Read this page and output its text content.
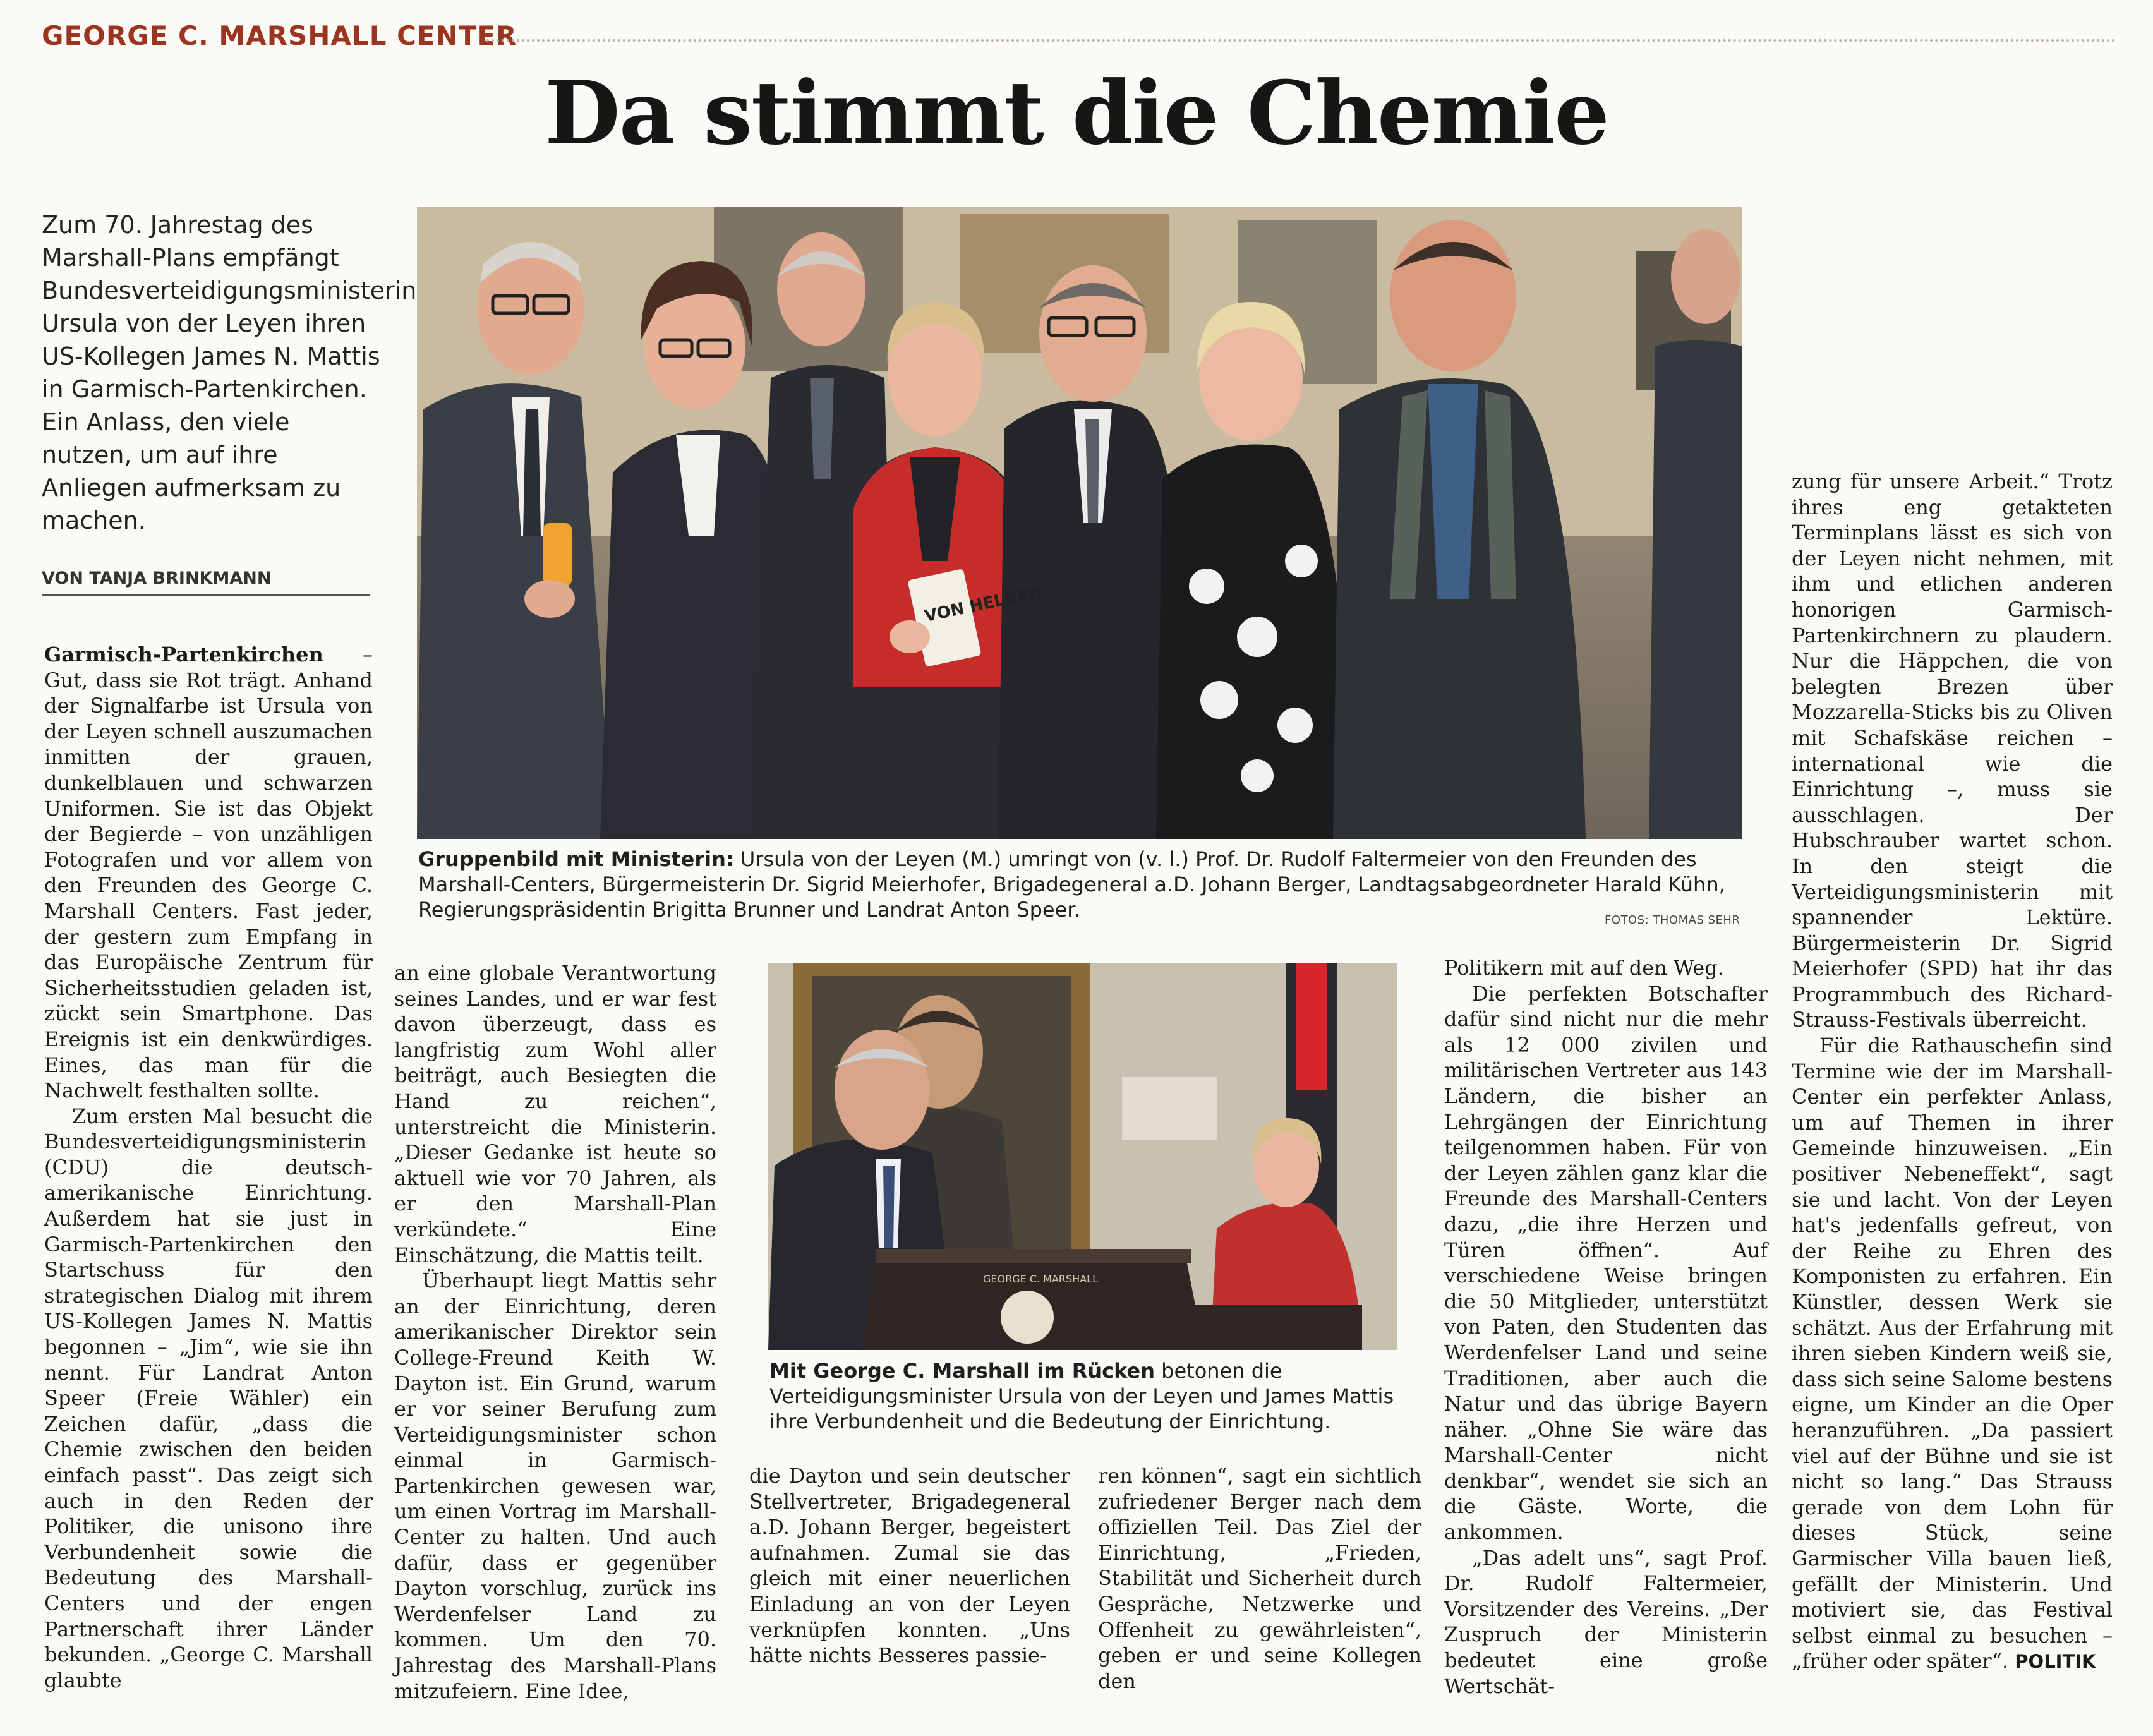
GEORGE C. MARSHALL CENTER
Da stimmt die Chemie

Zum 70. Jahrestag des Marshall-Plans empfängt Bundesverteidigungsministerin Ursula von der Leyen ihren US-Kollegen James N. Mattis in Garmisch-Partenkirchen. Ein Anlass, den viele nutzen, um auf ihre Anliegen aufmerksam zu machen.

VON TANJA BRINKMANN
VON HELDEN

Gruppenbild mit Ministerin: Ursula von der Leyen (M.) umringt von (v. l.) Prof. Dr. Rudolf Faltermeier von den Freunden des Marshall-Centers, Bürgermeisterin Dr. Sigrid Meierhofer, Brigadegeneral a.D. Johann Berger, Landtagsabgeordneter Harald Kühn, Regierungspräsidentin Brigitta Brunner und Landrat Anton Speer.	FOTOS: THOMAS SEHR

Garmisch-Partenkirchen – Gut, dass sie Rot trägt. Anhand der Signalfarbe ist Ursula von der Leyen schnell auszumachen inmitten der grauen, dunkelblauen und schwarzen Uniformen. Sie ist das Objekt der Begierde – von unzähligen Fotografen und vor allem von den Freunden des George C. Marshall Centers. Fast jeder, der gestern zum Empfang in das Europäische Zentrum für Sicherheitsstudien geladen ist, zückt sein Smartphone. Das Ereignis ist ein denkwürdiges. Eines, das man für die Nachwelt festhalten sollte.

Zum ersten Mal besucht die Bundesverteidigungsministerin (CDU) die deutsch-amerikanische Einrichtung. Außerdem hat sie just in Garmisch-Partenkirchen den Startschuss für den strategischen Dialog mit ihrem US-Kollegen James N. Mattis begonnen – „Jim“, wie sie ihn nennt. Für Landrat Anton Speer (Freie Wähler) ein Zeichen dafür, „dass die Chemie zwischen den beiden einfach passt“. Das zeigt sich auch in den Reden der Politiker, die unisono ihre Verbundenheit sowie die Bedeutung des Marshall-Centers und der engen Partnerschaft ihrer Länder bekunden. „George C. Marshall glaubte

an eine globale Verantwortung seines Landes, und er war fest davon überzeugt, dass es langfristig zum Wohl aller beiträgt, auch Besiegten die Hand zu reichen“, unterstreicht die Ministerin. „Dieser Gedanke ist heute so aktuell wie vor 70 Jahren, als er den Marshall-Plan verkündete.“ Eine Einschätzung, die Mattis teilt.

Überhaupt liegt Mattis sehr an der Einrichtung, deren amerikanischer Direktor sein College-Freund Keith W. Dayton ist. Ein Grund, warum er vor seiner Berufung zum Verteidigungsminister schon einmal in Garmisch-Partenkirchen gewesen war, um einen Vortrag im Marshall-Center zu halten. Und auch dafür, dass er gegenüber Dayton vorschlug, zurück ins Werdenfelser Land zu kommen. Um den 70. Jahrestag des Marshall-Plans mitzufeiern. Eine Idee,

GEORGE C. MARSHALL

Mit George C. Marshall im Rücken betonen die Verteidigungsminister Ursula von der Leyen und James Mattis ihre Verbundenheit und die Bedeutung der Einrichtung.

die Dayton und sein deutscher Stellvertreter, Brigadegeneral a.D. Johann Berger, begeistert aufnahmen. Zumal sie das gleich mit einer neuerlichen Einladung an von der Leyen verknüpfen konnten. „Uns hätte nichts Besseres passie-

ren können“, sagt ein sichtlich zufriedener Berger nach dem offiziellen Teil. Das Ziel der Einrichtung, „Frieden, Stabilität und Sicherheit durch Gespräche, Netzwerke und Offenheit zu gewährleisten“, geben er und seine Kollegen den

Politikern mit auf den Weg.

Die perfekten Botschafter dafür sind nicht nur die mehr als 12 000 zivilen und militärischen Vertreter aus 143 Ländern, die bisher an Lehrgängen der Einrichtung teilgenommen haben. Für von der Leyen zählen ganz klar die Freunde des Marshall-Centers dazu, „die ihre Herzen und Türen öffnen“. Auf verschiedene Weise bringen die 50 Mitglieder, unterstützt von Paten, den Studenten das Werdenfelser Land und seine Traditionen, aber auch die Natur und das übrige Bayern näher. „Ohne Sie wäre das Marshall-Center nicht denkbar“, wendet sie sich an die Gäste. Worte, die ankommen.

„Das adelt uns“, sagt Prof. Dr. Rudolf Faltermeier, Vorsitzender des Vereins. „Der Zuspruch der Ministerin bedeutet eine große Wertschät-

zung für unsere Arbeit.“ Trotz ihres eng getakteten Terminplans lässt es sich von der Leyen nicht nehmen, mit ihm und etlichen anderen honorigen Garmisch-Partenkirchnern zu plaudern. Nur die Häppchen, die von belegten Brezen über Mozzarella-Sticks bis zu Oliven mit Schafskäse reichen – international wie die Einrichtung –, muss sie ausschlagen. Der Hubschrauber wartet schon. In den steigt die Verteidigungsministerin mit spannender Lektüre. Bürgermeisterin Dr. Sigrid Meierhofer (SPD) hat ihr das Programmbuch des Richard-Strauss-Festivals überreicht.

Für die Rathauschefin sind Termine wie der im Marshall-Center ein perfekter Anlass, um auf Themen in ihrer Gemeinde hinzuweisen. „Ein positiver Nebeneffekt“, sagt sie und lacht. Von der Leyen hat's jedenfalls gefreut, von der Reihe zu Ehren des Komponisten zu erfahren. Ein Künstler, dessen Werk sie schätzt. Aus der Erfahrung mit ihren sieben Kindern weiß sie, dass sich seine Salome bestens eigne, um Kinder an die Oper heranzuführen. „Da passiert viel auf der Bühne und sie ist nicht so lang.“ Das Strauss gerade von dem Lohn für dieses Stück, seine Garmischer Villa bauen ließ, gefällt der Ministerin. Und motiviert sie, das Festival selbst einmal zu besuchen – „früher oder später“. POLITIK
